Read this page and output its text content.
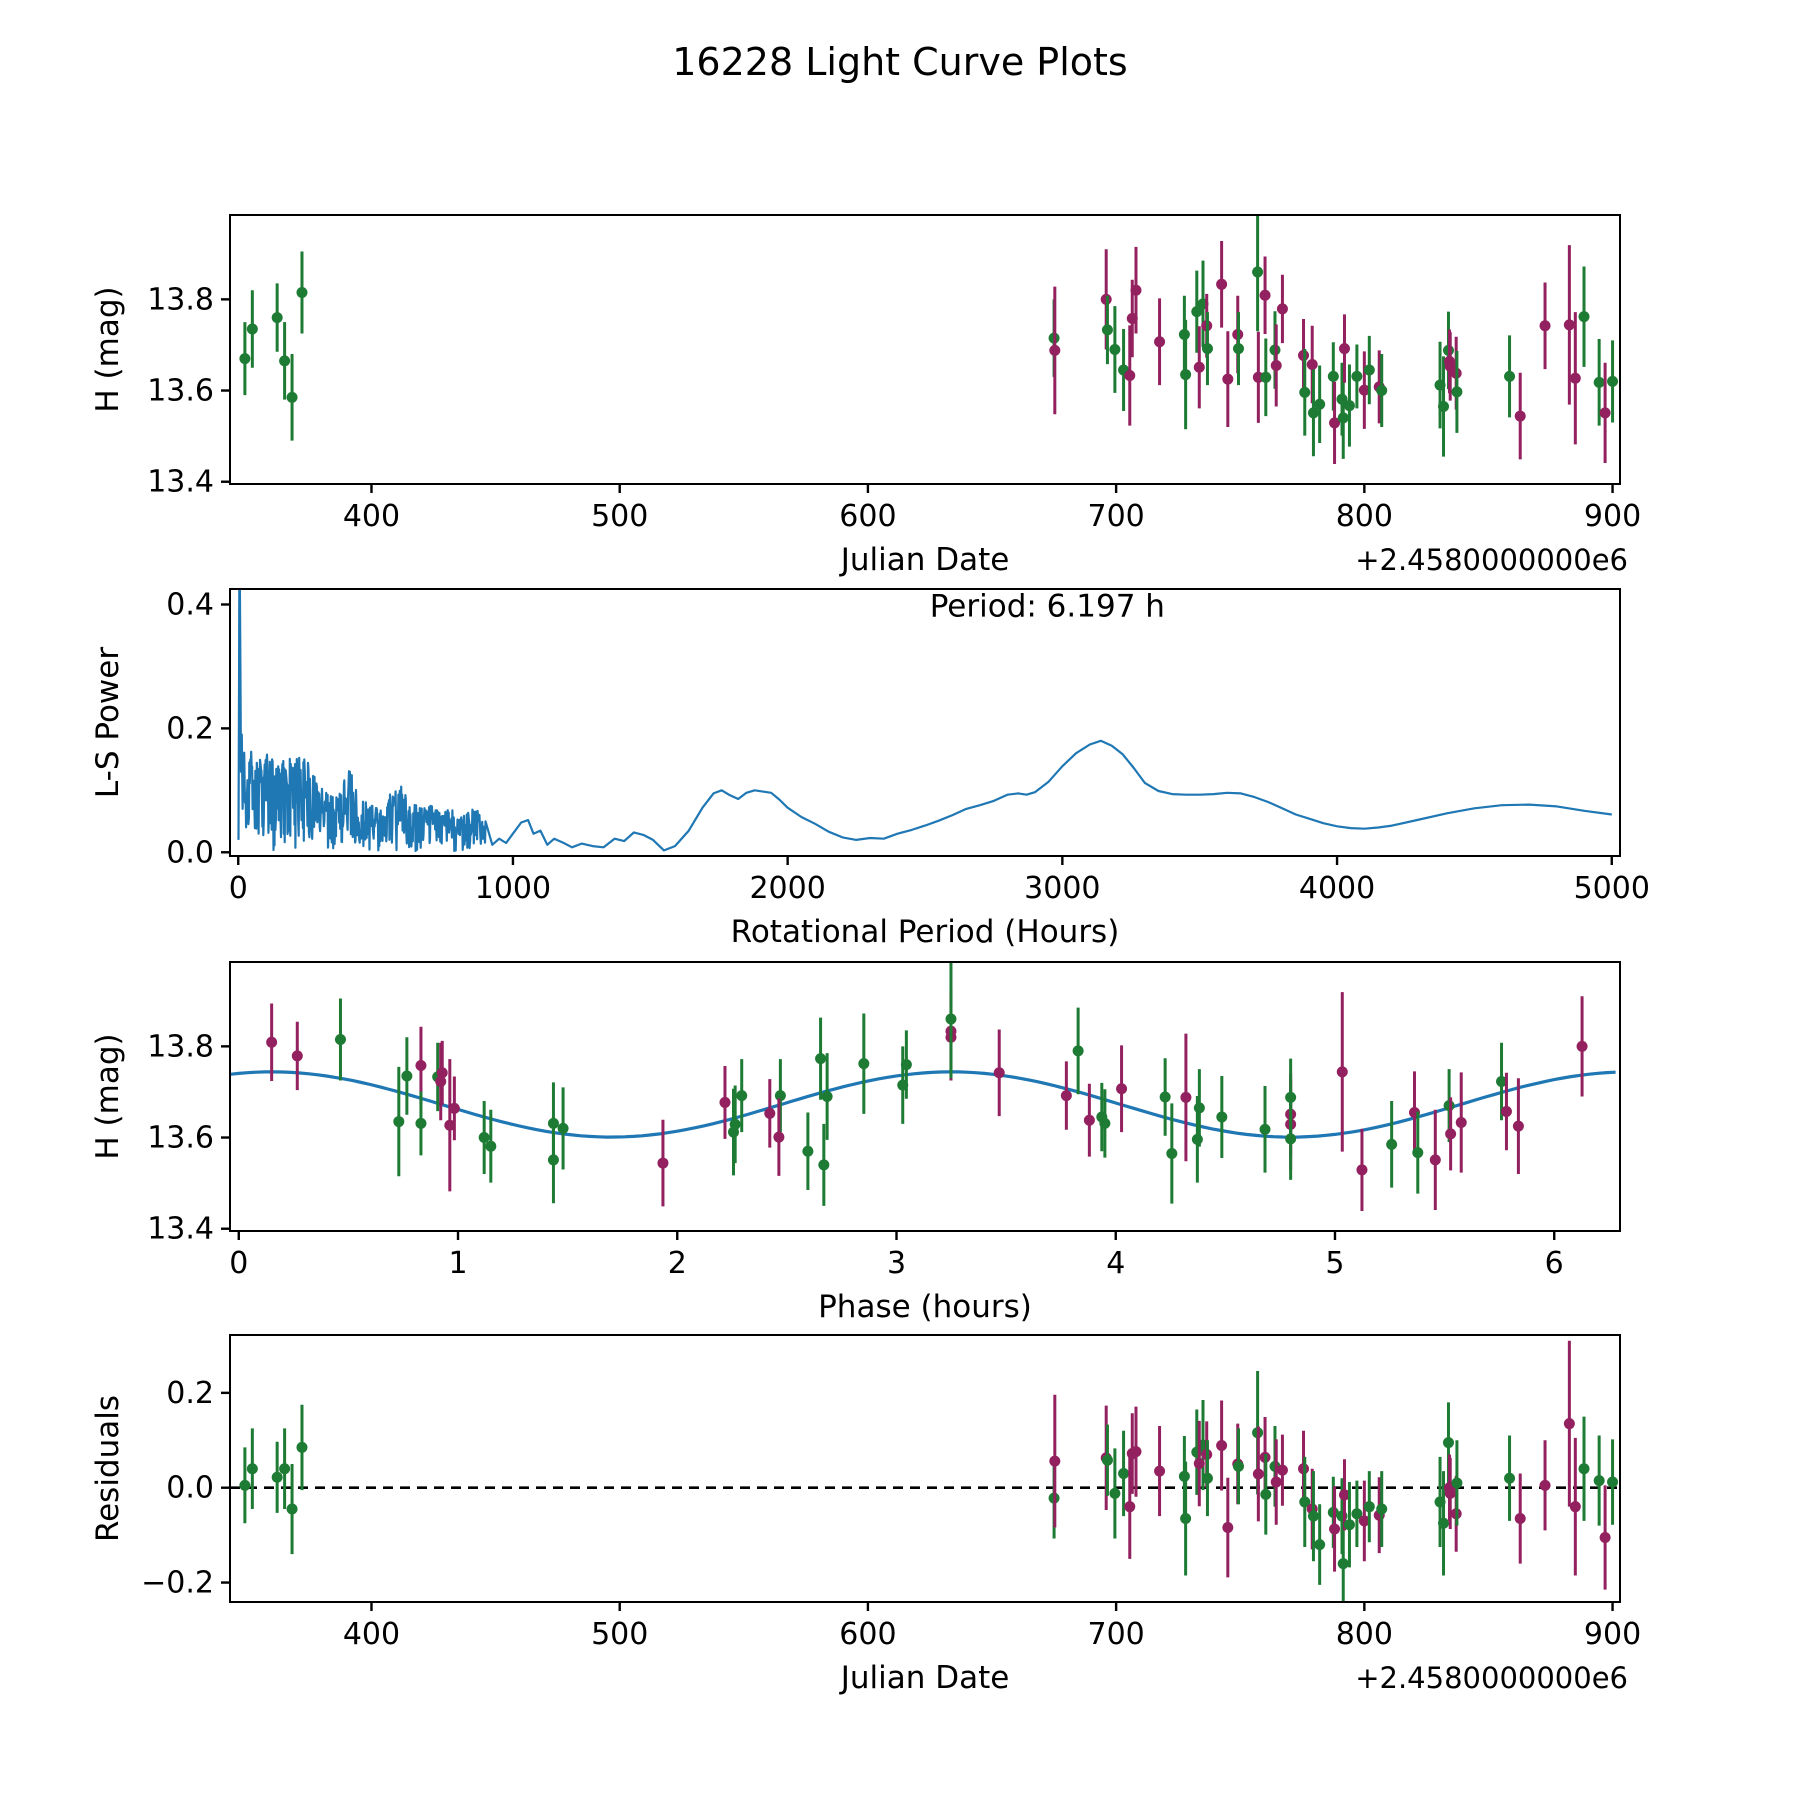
16228 Light Curve Plots
400	500	600	700	800	900
13.4
13.6
13.8
Julian Date
H (mag)
+2.4580000000e6
0	1000	2000	3000	4000	5000
0.0
0.2
0.4
Rotational Period (Hours)
L-S Power
Period: 6.197 h
0	1	2	3	4	5	6
13.4
13.6
13.8
Phase (hours)
H (mag)
400	500	600	700	800	900
−0.2
0.0
0.2
Julian Date
Residuals
+2.4580000000e6
